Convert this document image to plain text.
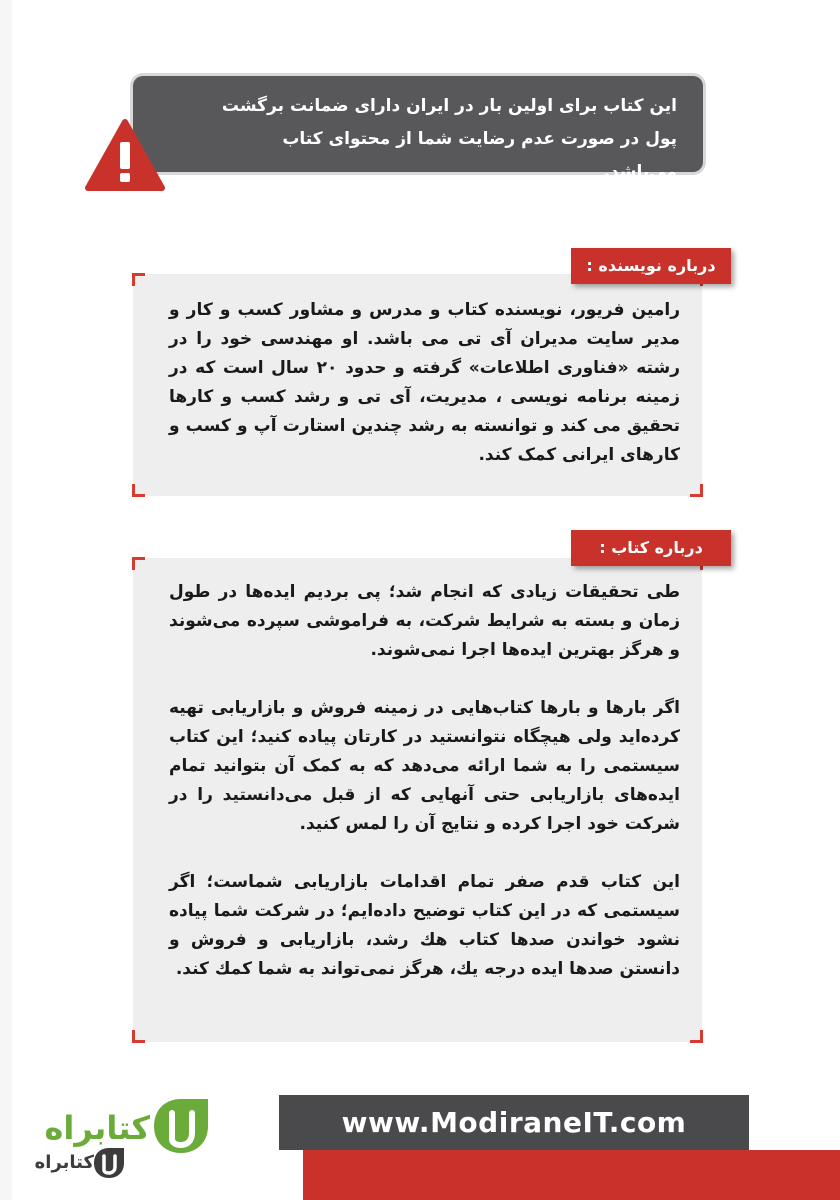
این کتاب برای اولین بار در ایران دارای ضمانت برگشت پول در صورت عدم رضایت شما از محتوای کتاب می‌باشد.

رامین فریور، نویسنده کتاب و مدرس و مشاور کسب و کار و مدیر سایت مدیران آی تی می باشد. او مهندسی خود را در رشته «فناوری اطلاعات» گرفته و حدود ۲۰ سال است که در زمینه برنامه نویسی ، مدیریت، آی تی و رشد کسب و کارها تحقیق می کند و توانسته به رشد چندین استارت آپ و کسب و کارهای ایرانی کمک کند.

درباره نویسنده :

طی تحقیقات زیادی که انجام شد؛ پی بردیم ایده‌ها در طول زمان و بسته به شرایط شرکت، به فراموشی سپرده می‌شوند و هرگز بهترین ایده‌ها اجرا نمی‌شوند.

اگر بارها و بارها کتاب‌هایی در زمینه فروش و بازاریابی تهیه کرده‌اید ولی هیچگاه نتوانستید در کارتان پیاده کنید؛ این کتاب سیستمی را به شما ارائه می‌دهد که به کمک آن بتوانید تمام ایده‌های بازاریابی حتی آنهایی که از قبل می‌دانستید را در شرکت خود اجرا کرده و نتایج آن را لمس کنید.

این کتاب قدم صفر تمام اقدامات بازاریابی شماست؛ اگر سیستمی که در این کتاب توضیح داده‌ایم؛ در شرکت شما پیاده نشود خواندن صدها کتاب هك رشد، بازاریابی و فروش و دانستن صدها ایده درجه یك، هرگز نمی‌تواند به شما کمك کند.

درباره کتاب :
www.ModiraneIT.com
کتابراه
کتابراه
